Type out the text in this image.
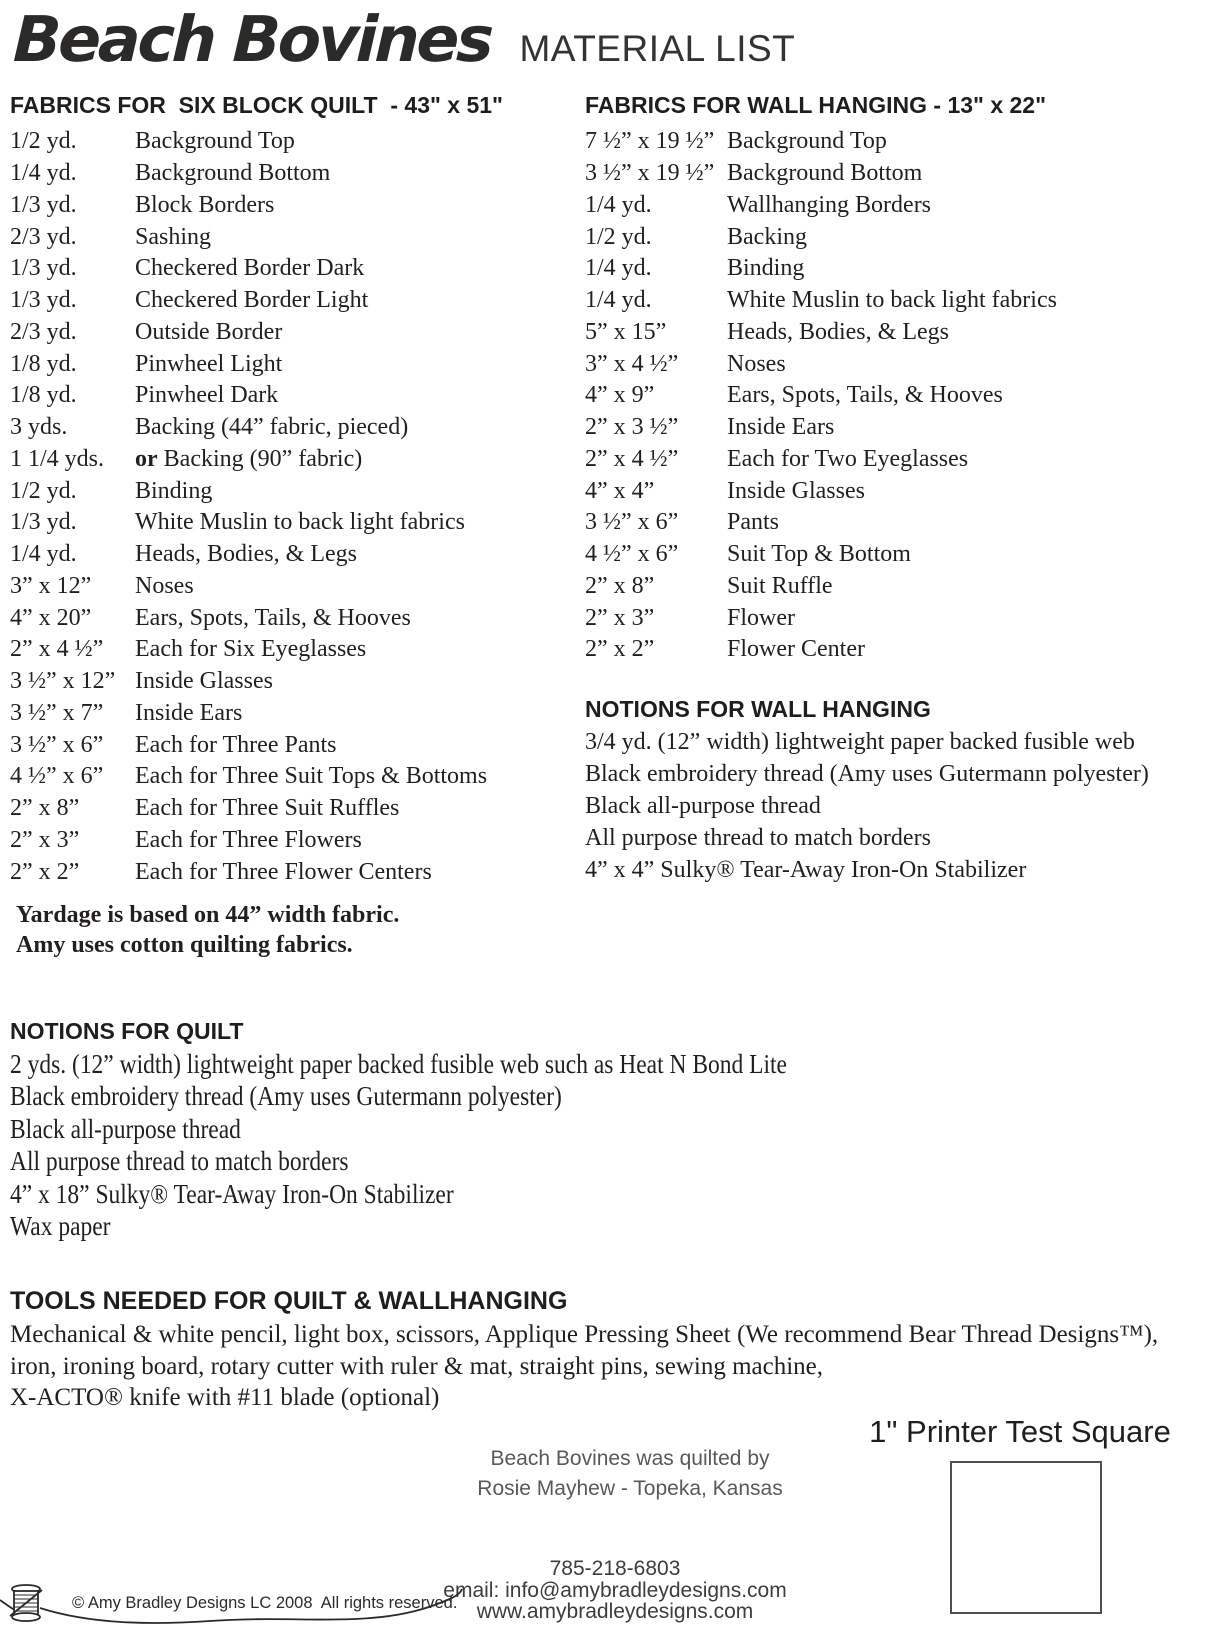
Beach Bovines MATERIAL LIST
FABRICS FOR  SIX BLOCK QUILT  - 43" x 51"
1/2 yd.	Background Top
1/4 yd.	Background Bottom
1/3 yd.	Block Borders
2/3 yd.	Sashing
1/3 yd.	Checkered Border Dark
1/3 yd.	Checkered Border Light
2/3 yd.	Outside Border
1/8 yd.	Pinwheel Light
1/8 yd.	Pinwheel Dark
3 yds.	Backing (44” fabric, pieced)
1 1/4 yds.	or Backing (90” fabric)
1/2 yd.	Binding
1/3 yd.	White Muslin to back light fabrics
1/4 yd.	Heads, Bodies, & Legs
3” x 12”	Noses
4” x 20”	Ears, Spots, Tails, & Hooves
2” x 4 ½”	Each for Six Eyeglasses
3 ½” x 12” Inside Glasses
3 ½” x 7”	Inside Ears
3 ½” x 6”	Each for Three Pants
4 ½” x 6”	Each for Three Suit Tops & Bottoms
2” x 8”	Each for Three Suit Ruffles
2” x 3”	Each for Three Flowers
2” x 2”	Each for Three Flower Centers

Yardage is based on 44” width fabric.

Amy uses cotton quilting fabrics.

FABRICS FOR WALL HANGING - 13" x 22"
7 ½” x 19 ½” Background Top
3 ½” x 19 ½” Background Bottom
1/4 yd.	Wallhanging Borders
1/2 yd.	Backing
1/4 yd.	Binding
1/4 yd.	White Muslin to back light fabrics
5” x 15”	Heads, Bodies, & Legs
3” x 4 ½”	Noses
4” x 9”	Ears, Spots, Tails, & Hooves
2” x 3 ½”	Inside Ears
2” x 4 ½”	Each for Two Eyeglasses
4” x 4”	Inside Glasses
3 ½” x 6”	Pants
4 ½” x 6”	Suit Top & Bottom
2” x 8”	Suit Ruffle
2” x 3”	Flower
2” x 2”	Flower Center
NOTIONS FOR WALL HANGING
3/4 yd. (12” width) lightweight paper backed fusible web
Black embroidery thread (Amy uses Gutermann polyester)
Black all-purpose thread
All purpose thread to match borders
4” x 4” Sulky® Tear-Away Iron-On Stabilizer
NOTIONS FOR QUILT
2 yds. (12” width) lightweight paper backed fusible web such as Heat N Bond Lite
Black embroidery thread (Amy uses Gutermann polyester)
Black all-purpose thread
All purpose thread to match borders
4” x 18” Sulky® Tear-Away Iron-On Stabilizer
Wax paper
TOOLS NEEDED FOR QUILT & WALLHANGING
Mechanical & white pencil, light box, scissors, Applique Pressing Sheet (We recommend Bear Thread Designs™),
iron, ironing board, rotary cutter with ruler & mat, straight pins, sewing machine,
X-ACTO® knife with #11 blade (optional)
1" Printer Test Square

Beach Bovines was quilted by

Rosie Mayhew - Topeka, Kansas

785-218-6803

email: info@amybradleydesigns.com

www.amybradleydesigns.com

© Amy Bradley Designs LC 2008  All rights reserved.
